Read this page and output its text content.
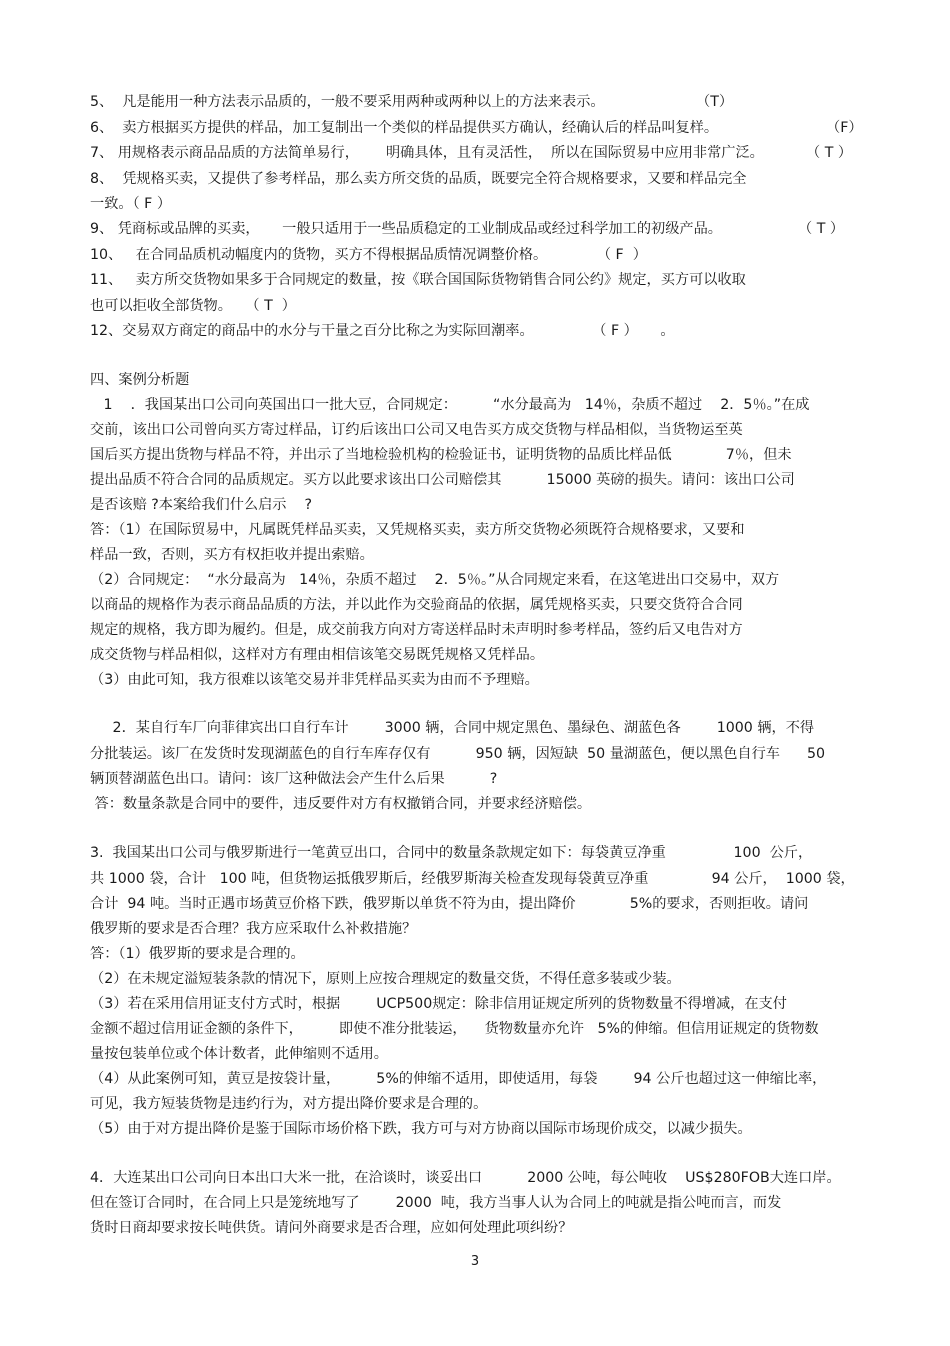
5、  凡是能用一种方法表示品质的，一般不要采用两种或两种以上的方法来表示。	（T）
6、  卖方根据买方提供的样品，加工复制出一个类似的样品提供买方确认，经确认后的样品叫复样。	（F）
7、 用规格表示商品品质的方法简单易行，      明确具体，且有灵活性，  所以在国际贸易中应用非常广泛。	（ T ）
8、  凭规格买卖，又提供了参考样品，那么卖方所交货的品质，既要完全符合规格要求，又要和样品完全
一致。（ F ）
9、 凭商标或品牌的买卖，     一般只适用于一些品质稳定的工业制成品或经过科学加工的初级产品。	（ T ）
10、   在合同品质机动幅度内的货物，买方不得根据品质情况调整价格。           （ F  ）
11、   卖方所交货物如果多于合同规定的数量，按《联合国国际货物销售合同公约》规定，买方可以收取
也可以拒收全部货物。   （ T  ）
12、交易双方商定的商品中的水分与干量之百分比称之为实际回潮率。             （ F ）     。
四、案例分析题
1    ．我国某出口公司向英国出口一批大豆，合同规定：        “水分最高为   14％，杂质不超过    2．5％。”在成
交前，该出口公司曾向买方寄过样品，订约后该出口公司又电告买方成交货物与样品相似，当货物运至英
国后买方提出货物与样品不符，并出示了当地检验机构的检验证书，证明货物的品质比样品低            7％，但未
提出品质不符合合同的品质规定。买方以此要求该出口公司赔偿其          15000 英磅的损失。请问：该出口公司
是否该赔 ?本案给我们什么启示    ?
答：（1）在国际贸易中，凡属既凭样品买卖，又凭规格买卖，卖方所交货物必须既符合规格要求，又要和
样品一致，否则，买方有权拒收并提出索赔。
（2）合同规定：  “水分最高为   14％，杂质不超过    2．5％。”从合同规定来看，在这笔进出口交易中，双方
以商品的规格作为表示商品品质的方法，并以此作为交验商品的依据，属凭规格买卖，只要交货符合合同
规定的规格，我方即为履约。但是，成交前我方向对方寄送样品时未声明时参考样品，签约后又电告对方
成交货物与样品相似，这样对方有理由相信该笔交易既凭规格又凭样品。
（3）由此可知，我方很难以该笔交易并非凭样品买卖为由而不予理赔。
2．某自行车厂向菲律宾出口自行车计        3000 辆，合同中规定黑色、墨绿色、湖蓝色各        1000 辆，不得
分批装运。该厂在发货时发现湖蓝色的自行车库存仅有          950 辆，因短缺  50 量湖蓝色，便以黑色自行车      50
辆顶替湖蓝色出口。请问：该厂这种做法会产生什么后果          ?
答：数量条款是合同中的要件，违反要件对方有权撤销合同，并要求经济赔偿。
3.  我国某出口公司与俄罗斯进行一笔黄豆出口，合同中的数量条款规定如下：每袋黄豆净重               100  公斤，
共 1000 袋，合计   100 吨，但货物运抵俄罗斯后，经俄罗斯海关检查发现每袋黄豆净重              94 公斤，  1000 袋，
合计  94 吨。当时正遇市场黄豆价格下跌，俄罗斯以单货不符为由，提出降价            5%的要求，否则拒收。请问
俄罗斯的要求是否合理？我方应采取什么补救措施？
答：（1）俄罗斯的要求是合理的。
（2）在未规定溢短装条款的情况下，原则上应按合理规定的数量交货，不得任意多装或少装。
（3）若在采用信用证支付方式时，根据        UCP500规定：除非信用证规定所列的货物数量不得增减，在支付
金额不超过信用证金额的条件下，        即使不准分批装运，    货物数量亦允许   5%的伸缩。但信用证规定的货物数
量按包装单位或个体计数者，此伸缩则不适用。
（4）从此案例可知，黄豆是按袋计量，        5%的伸缩不适用，即使适用，每袋        94 公斤也超过这一伸缩比率，
可见，我方短装货物是违约行为，对方提出降价要求是合理的。
（5）由于对方提出降价是鉴于国际市场价格下跌，我方可与对方协商以国际市场现价成交，以减少损失。
4．大连某出口公司向日本出口大米一批，在洽谈时，谈妥出口          2000 公吨，每公吨收    US$280FOB大连口岸。
但在签订合同时，在合同上只是笼统地写了        2000  吨，我方当事人认为合同上的吨就是指公吨而言，而发
货时日商却要求按长吨供货。请问外商要求是否合理，应如何处理此项纠纷？
3
